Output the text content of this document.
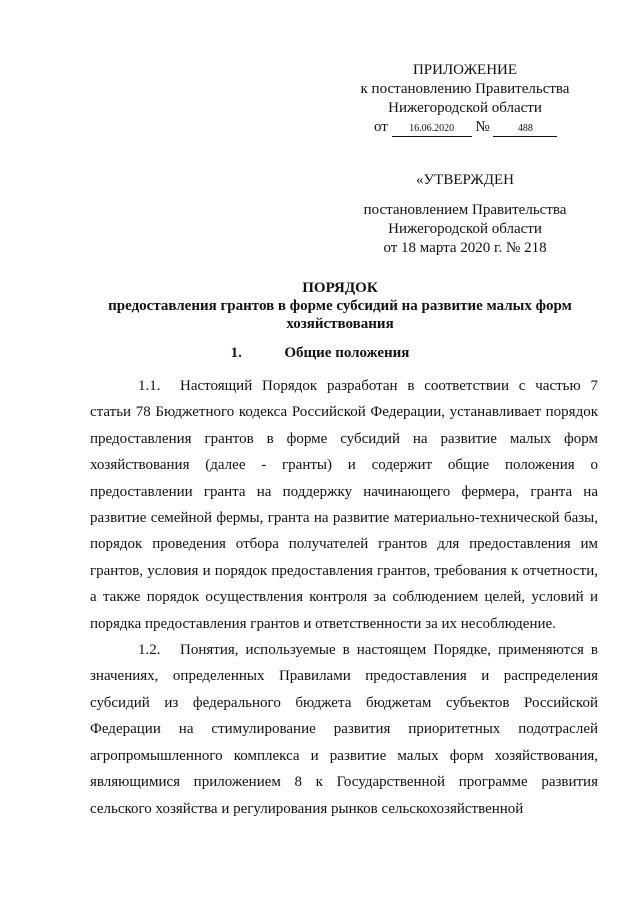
ПРИЛОЖЕНИЕ
к постановлению Правительства
Нижегородской области
от 16.06.2020 №	488
«УТВЕРЖДЕН
постановлением Правительства
Нижегородской области
от 18 марта 2020 г. № 218
ПОРЯДОК
предоставления грантов в форме субсидий на развитие малых форм
хозяйствования
1.	Общие положения

1.1. Настоящий Порядок разработан в соответствии с частью 7 статьи 78 Бюджетного кодекса Российской Федерации, устанавливает порядок предоставления грантов в форме субсидий на развитие малых форм хозяйствования (далее - гранты) и содержит общие положения о предоставлении гранта на поддержку начинающего фермера, гранта на развитие семейной фермы, гранта на развитие материально-технической базы, порядок проведения отбора получателей грантов для предоставления им грантов, условия и порядок предоставления грантов, требования к отчетности, а также порядок осуществления контроля за соблюдением целей, условий и порядка предоставления грантов и ответственности за их несоблюдение.

1.2. Понятия, используемые в настоящем Порядке, применяются в значениях, определенных Правилами предоставления и распределения субсидий из федерального бюджета бюджетам субъектов Российской Федерации на стимулирование развития приоритетных подотраслей агропромышленного комплекса и развитие малых форм хозяйствования, являющимися приложением 8 к Государственной программе развития сельского хозяйства и регулирования рынков сельскохозяйственной
